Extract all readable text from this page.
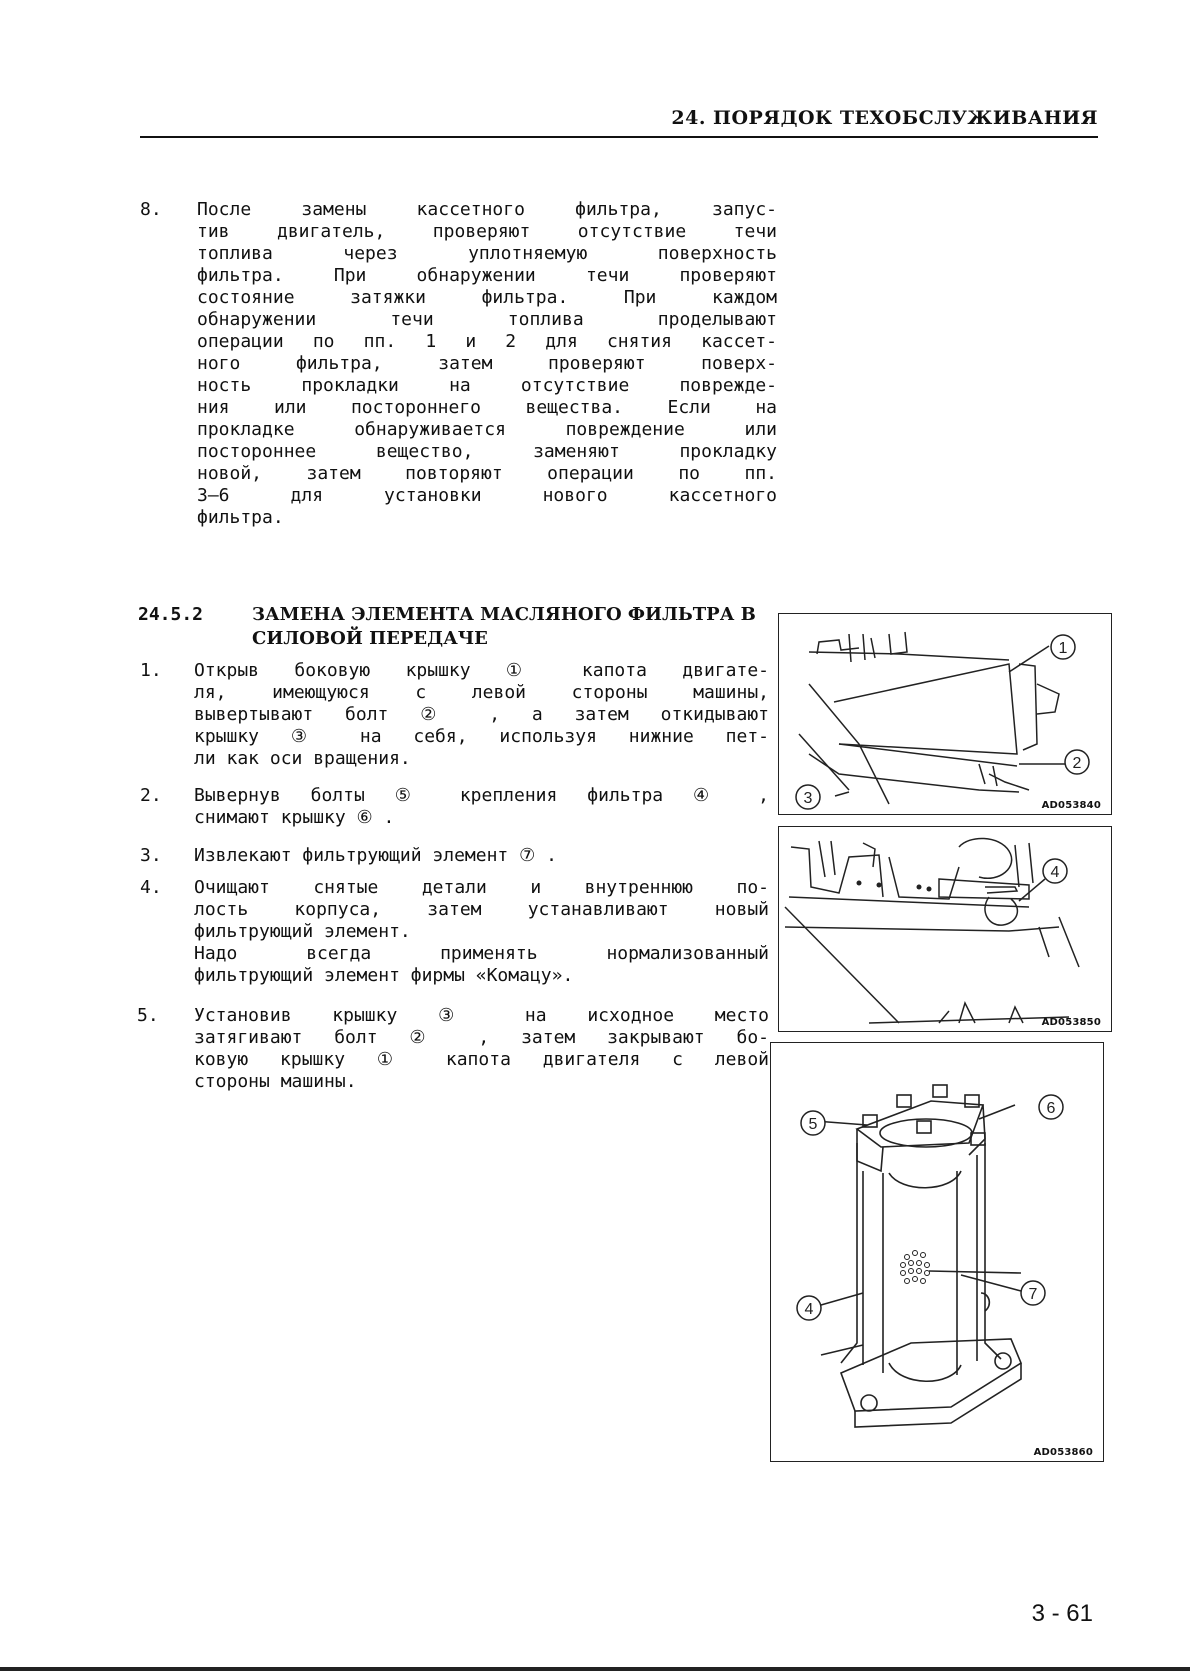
24. ПОРЯДОК ТЕХОБСЛУЖИВАНИЯ
8. После замены кассетного фильтра, запус-
тив двигатель, проверяют отсутствие течи
топлива через уплотняемую поверхность
фильтра. При обнаружении течи проверяют
состояние затяжки фильтра. При каждом
обнаружении течи топлива проделывают
операции по пп. 1 и 2 для снятия кассет-
ного фильтра, затем проверяют поверх-
ность прокладки на отсутствие поврежде-
ния или постороннего вещества. Если на
прокладке обнаруживается повреждение или
постороннее вещество, заменяют прокладку
новой, затем повторяют операции по пп.
3—6 для установки нового кассетного
фильтра.
24.5.2	ЗАМЕНА ЭЛЕМЕНТА МАСЛЯНОГО ФИЛЬТРА В
СИЛОВОЙ ПЕРЕДАЧЕ
1. Открыв боковую крышку ① капота двигате-
ля, имеющуюся с левой стороны машины,
вывертывают болт ② , а затем откидывают
крышку ③ на себя, используя нижние пет-
ли как оси вращения.
2. Вывернув болты ⑤ крепления фильтра ④ ,
снимают крышку ⑥ .
3. Извлекают фильтрующий элемент ⑦ .
4. Очищают снятые детали и внутреннюю по-
лость корпуса, затем устанавливают новый
фильтрующий элемент.
Надо всегда применять нормализованный
фильтрующий элемент фирмы «Комацу».
5. Установив крышку ③ на исходное место
затягивают болт ② , затем закрывают бо-
ковую крышку ① капота двигателя с левой
стороны машины.
1
2
3	AD053840
4
AD053850
5
6
4
7
AD053860
3 - 61
